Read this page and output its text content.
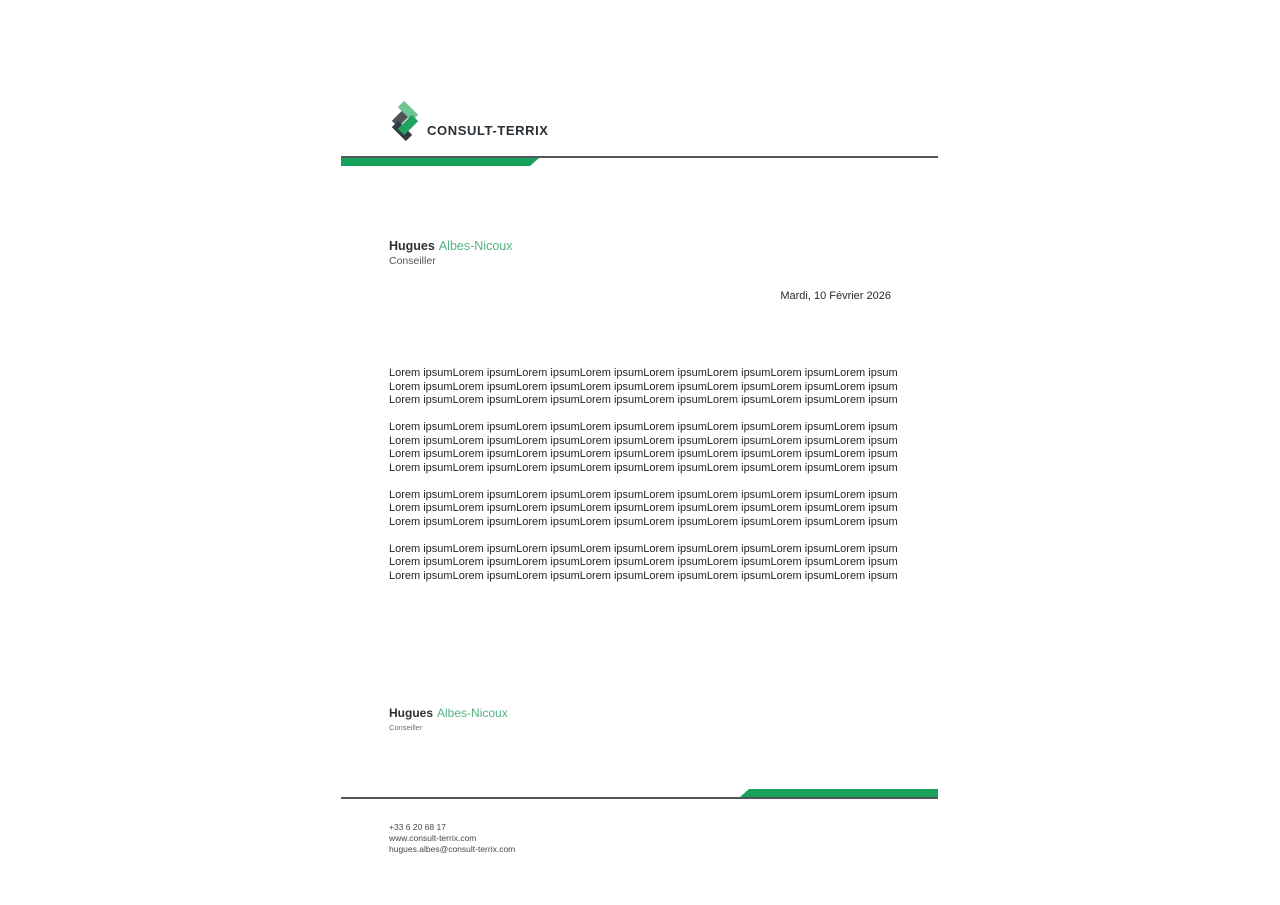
CONSULT-TERRIX
Hugues Albes-Nicoux
Conseiller
Mardi, 10 Février 2026
Lorem ipsumLorem ipsumLorem ipsumLorem ipsumLorem ipsumLorem ipsumLorem ipsumLorem ipsum
Lorem ipsumLorem ipsumLorem ipsumLorem ipsumLorem ipsumLorem ipsumLorem ipsumLorem ipsum
Lorem ipsumLorem ipsumLorem ipsumLorem ipsumLorem ipsumLorem ipsumLorem ipsumLorem ipsum
Lorem ipsumLorem ipsumLorem ipsumLorem ipsumLorem ipsumLorem ipsumLorem ipsumLorem ipsum
Lorem ipsumLorem ipsumLorem ipsumLorem ipsumLorem ipsumLorem ipsumLorem ipsumLorem ipsum
Lorem ipsumLorem ipsumLorem ipsumLorem ipsumLorem ipsumLorem ipsumLorem ipsumLorem ipsum
Lorem ipsumLorem ipsumLorem ipsumLorem ipsumLorem ipsumLorem ipsumLorem ipsumLorem ipsum
Lorem ipsumLorem ipsumLorem ipsumLorem ipsumLorem ipsumLorem ipsumLorem ipsumLorem ipsum
Lorem ipsumLorem ipsumLorem ipsumLorem ipsumLorem ipsumLorem ipsumLorem ipsumLorem ipsum
Lorem ipsumLorem ipsumLorem ipsumLorem ipsumLorem ipsumLorem ipsumLorem ipsumLorem ipsum
Lorem ipsumLorem ipsumLorem ipsumLorem ipsumLorem ipsumLorem ipsumLorem ipsumLorem ipsum
Lorem ipsumLorem ipsumLorem ipsumLorem ipsumLorem ipsumLorem ipsumLorem ipsumLorem ipsum
Lorem ipsumLorem ipsumLorem ipsumLorem ipsumLorem ipsumLorem ipsumLorem ipsumLorem ipsum
Hugues Albes-Nicoux
Conseiller
+33 6 20 68 17
www.consult-terrix.com
hugues.albes@consult-terrix.com
